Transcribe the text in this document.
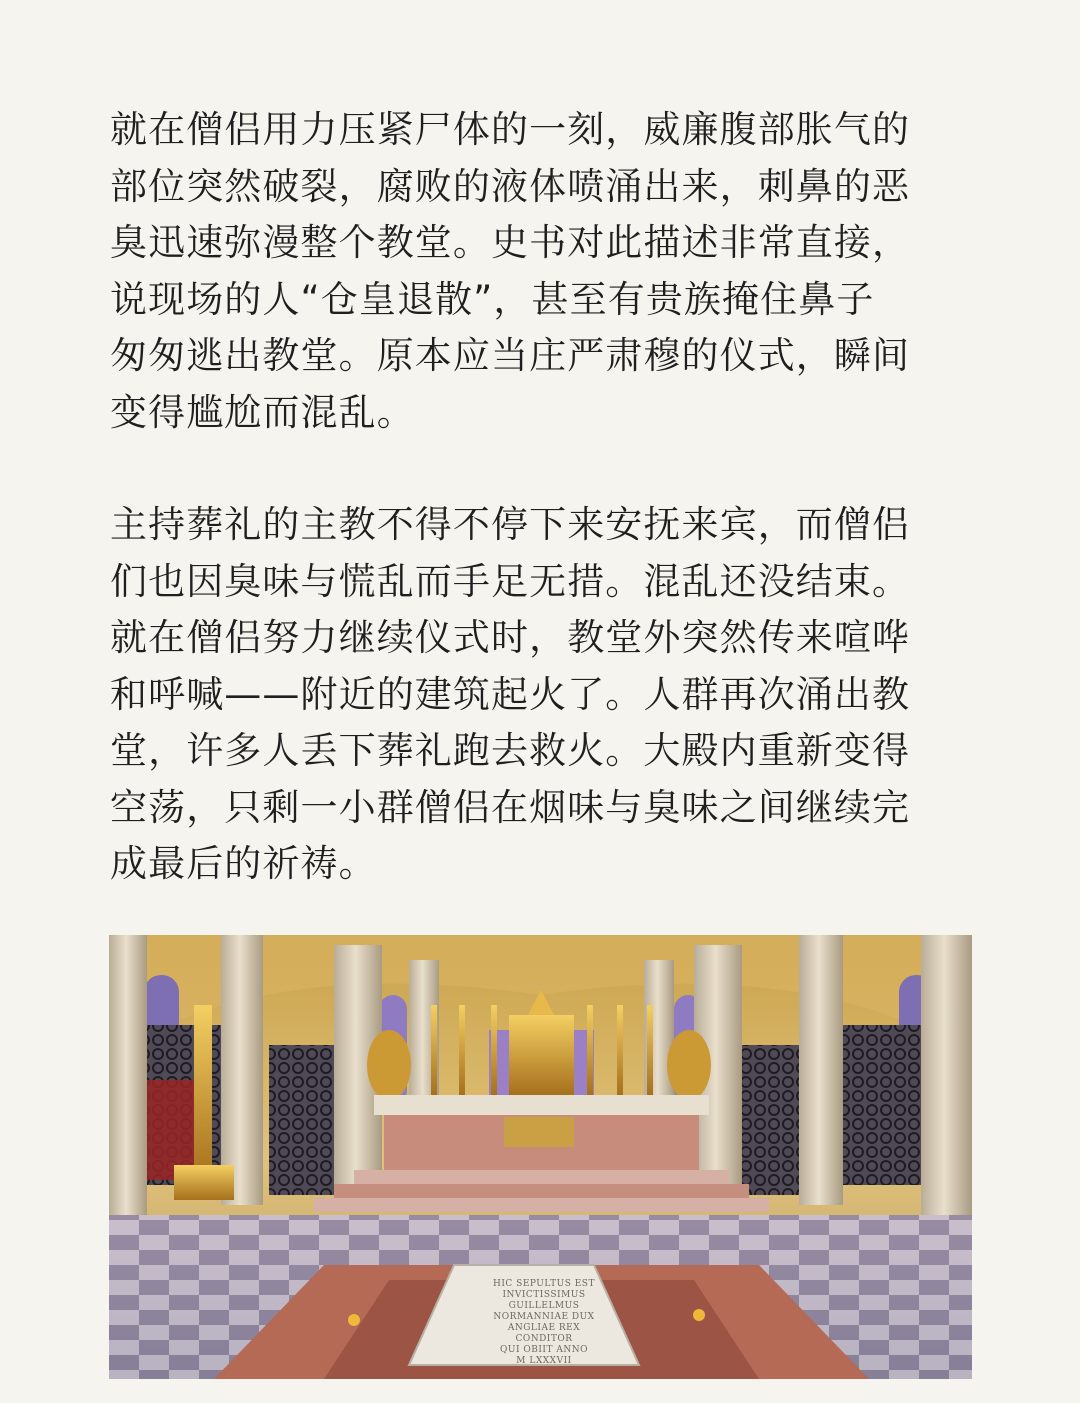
就在僧侣用力压紧尸体的一刻，威廉腹部胀气的
部位突然破裂，腐败的液体喷涌出来，刺鼻的恶
臭迅速弥漫整个教堂。史书对此描述非常直接，
说现场的人“仓皇退散”，甚至有贵族掩住鼻子
匆匆逃出教堂。原本应当庄严肃穆的仪式，瞬间
变得尴尬而混乱。

主持葬礼的主教不得不停下来安抚来宾，而僧侣
们也因臭味与慌乱而手足无措。混乱还没结束。
就在僧侣努力继续仪式时，教堂外突然传来喧哗
和呼喊——附近的建筑起火了。人群再次涌出教
堂，许多人丢下葬礼跑去救火。大殿内重新变得
空荡，只剩一小群僧侣在烟味与臭味之间继续完
成最后的祈祷。

HIC SEPULTUS EST
INVICTISSIMUS
GUILLELMUS
NORMANNIAE DUX
ANGLIAE REX
CONDITOR
QUI OBIIT ANNO
M LXXXVII
